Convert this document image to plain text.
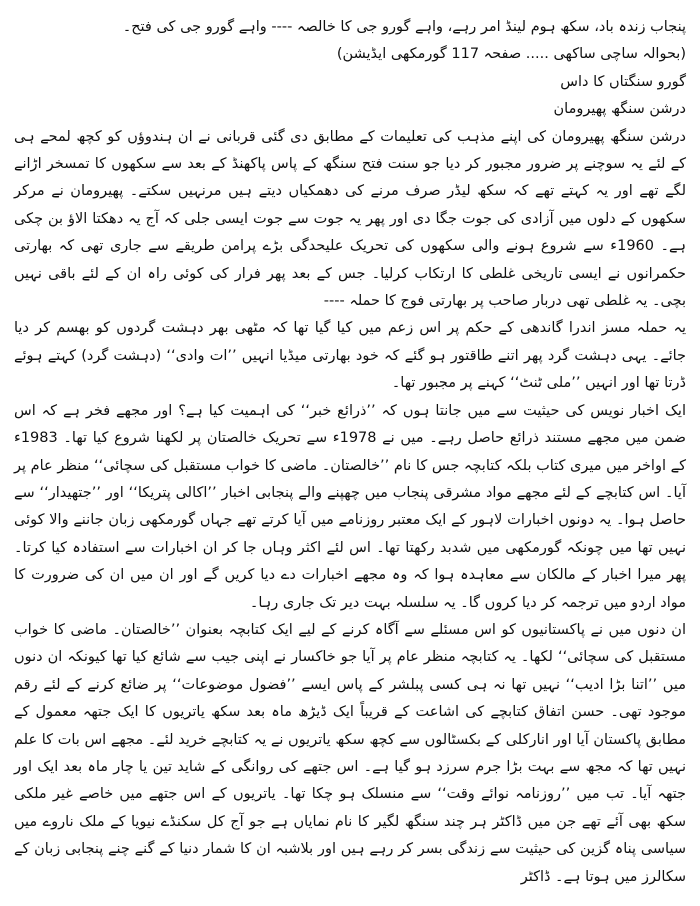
پنجاب زندہ باد، سکھ ہوم لینڈ امر رہے، واہے گورو جی کا خالصہ ---- واہے گورو جی کی فتح۔

(بحوالہ ساچی ساکھی ..... صفحہ 117 گورمکھی ایڈیشن)

گورو سنگتاں کا داس

درشن سنگھ پھیرومان

درشن سنگھ پھیرومان کی اپنے مذہب کی تعلیمات کے مطابق دی گئی قربانی نے ان ہندوؤں کو کچھ لمحے ہی کے لئے یہ سوچنے پر ضرور مجبور کر دیا جو سنت فتح سنگھ کے پاس پاکھنڈ کے بعد سے سکھوں کا تمسخر اڑانے لگے تھے اور یہ کہتے تھے کہ سکھ لیڈر صرف مرنے کی دھمکیاں دیتے ہیں مرنہیں سکتے۔ پھیرومان نے مرکر سکھوں کے دلوں میں آزادی کی جوت جگا دی اور پھر یہ جوت سے جوت ایسی جلی کہ آج یہ دھکتا الاؤ بن چکی ہے۔ 1960ء سے شروع ہونے والی سکھوں کی تحریک علیحدگی بڑے پرامن طریقے سے جاری تھی کہ بھارتی حکمرانوں نے ایسی تاریخی غلطی کا ارتکاب کرلیا۔ جس کے بعد پھر فرار کی کوئی راہ ان کے لئے باقی نہیں بچی۔ یہ غلطی تھی دربار صاحب پر بھارتی فوج کا حملہ ----

یہ حملہ مسز اندرا گاندھی کے حکم پر اس زعم میں کیا گیا تھا کہ مٹھی بھر دہشت گردوں کو بھسم کر دیا جائے۔ یہی دہشت گرد پھر اتنے طاقتور ہو گئے کہ خود بھارتی میڈیا انہیں ’’ات وادی‘‘ (دہشت گرد) کہتے ہوئے ڈرتا تھا اور انہیں ’’ملی ٹنٹ‘‘ کہنے پر مجبور تھا۔

ایک اخبار نویس کی حیثیت سے میں جانتا ہوں کہ ’’ذرائع خبر‘‘ کی اہمیت کیا ہے؟ اور مجھے فخر ہے کہ اس ضمن میں مجھے مستند ذرائع حاصل رہے۔ میں نے 1978ء سے تحریک خالصتان پر لکھنا شروع کیا تھا۔ 1983ء کے اواخر میں میری کتاب بلکہ کتابچہ جس کا نام ’’خالصتان۔ ماضی کا خواب مستقبل کی سچائی‘‘ منظر عام پر آیا۔ اس کتابچے کے لئے مجھے مواد مشرقی پنجاب میں چھپنے والے پنجابی اخبار ’’اکالی پتریکا‘‘ اور ’’جتھیدار‘‘ سے حاصل ہوا۔ یہ دونوں اخبارات لاہور کے ایک معتبر روزنامے میں آیا کرتے تھے جہاں گورمکھی زبان جاننے والا کوئی نہیں تھا میں چونکہ گورمکھی میں شدبد رکھتا تھا۔ اس لئے اکثر وہاں جا کر ان اخبارات سے استفادہ کیا کرتا۔ پھر میرا اخبار کے مالکان سے معاہدہ ہوا کہ وہ مجھے اخبارات دے دیا کریں گے اور ان میں ان کی ضرورت کا مواد اردو میں ترجمہ کر دیا کروں گا۔ یہ سلسلہ بہت دیر تک جاری رہا۔

ان دنوں میں نے پاکستانیوں کو اس مسئلے سے آگاہ کرنے کے لیے ایک کتابچہ بعنوان ’’خالصتان۔ ماضی کا خواب مستقبل کی سچائی‘‘ لکھا۔ یہ کتابچہ منظر عام پر آیا جو خاکسار نے اپنی جیب سے شائع کیا تھا کیونکہ ان دنوں میں ’’اتنا بڑا ادیب‘‘ نہیں تھا نہ ہی کسی پبلشر کے پاس ایسے ’’فضول موضوعات‘‘ پر ضائع کرنے کے لئے رقم موجود تھی۔ حسن اتفاق کتابچے کی اشاعت کے قریباً ایک ڈیڑھ ماہ بعد سکھ یاتریوں کا ایک جتھہ معمول کے مطابق پاکستان آیا اور انارکلی کے بکسٹالوں سے کچھ سکھ یاتریوں نے یہ کتابچے خرید لئے۔ مجھے اس بات کا علم نہیں تھا کہ مجھ سے بہت بڑا جرم سرزد ہو گیا ہے۔ اس جتھے کی روانگی کے شاید تین یا چار ماہ بعد ایک اور جتھہ آیا۔ تب میں ’’روزنامہ نوائے وقت‘‘ سے منسلک ہو چکا تھا۔ یاتریوں کے اس جتھے میں خاصے غیر ملکی سکھ بھی آئے تھے جن میں ڈاکٹر ہر چند سنگھ لگیر کا نام نمایاں ہے جو آج کل سکنڈے نیویا کے ملک ناروے میں سیاسی پناہ گزین کی حیثیت سے زندگی بسر کر رہے ہیں اور بلاشبہ ان کا شمار دنیا کے گنے چنے پنجابی زبان کے سکالرز میں ہوتا ہے۔ ڈاکٹر
